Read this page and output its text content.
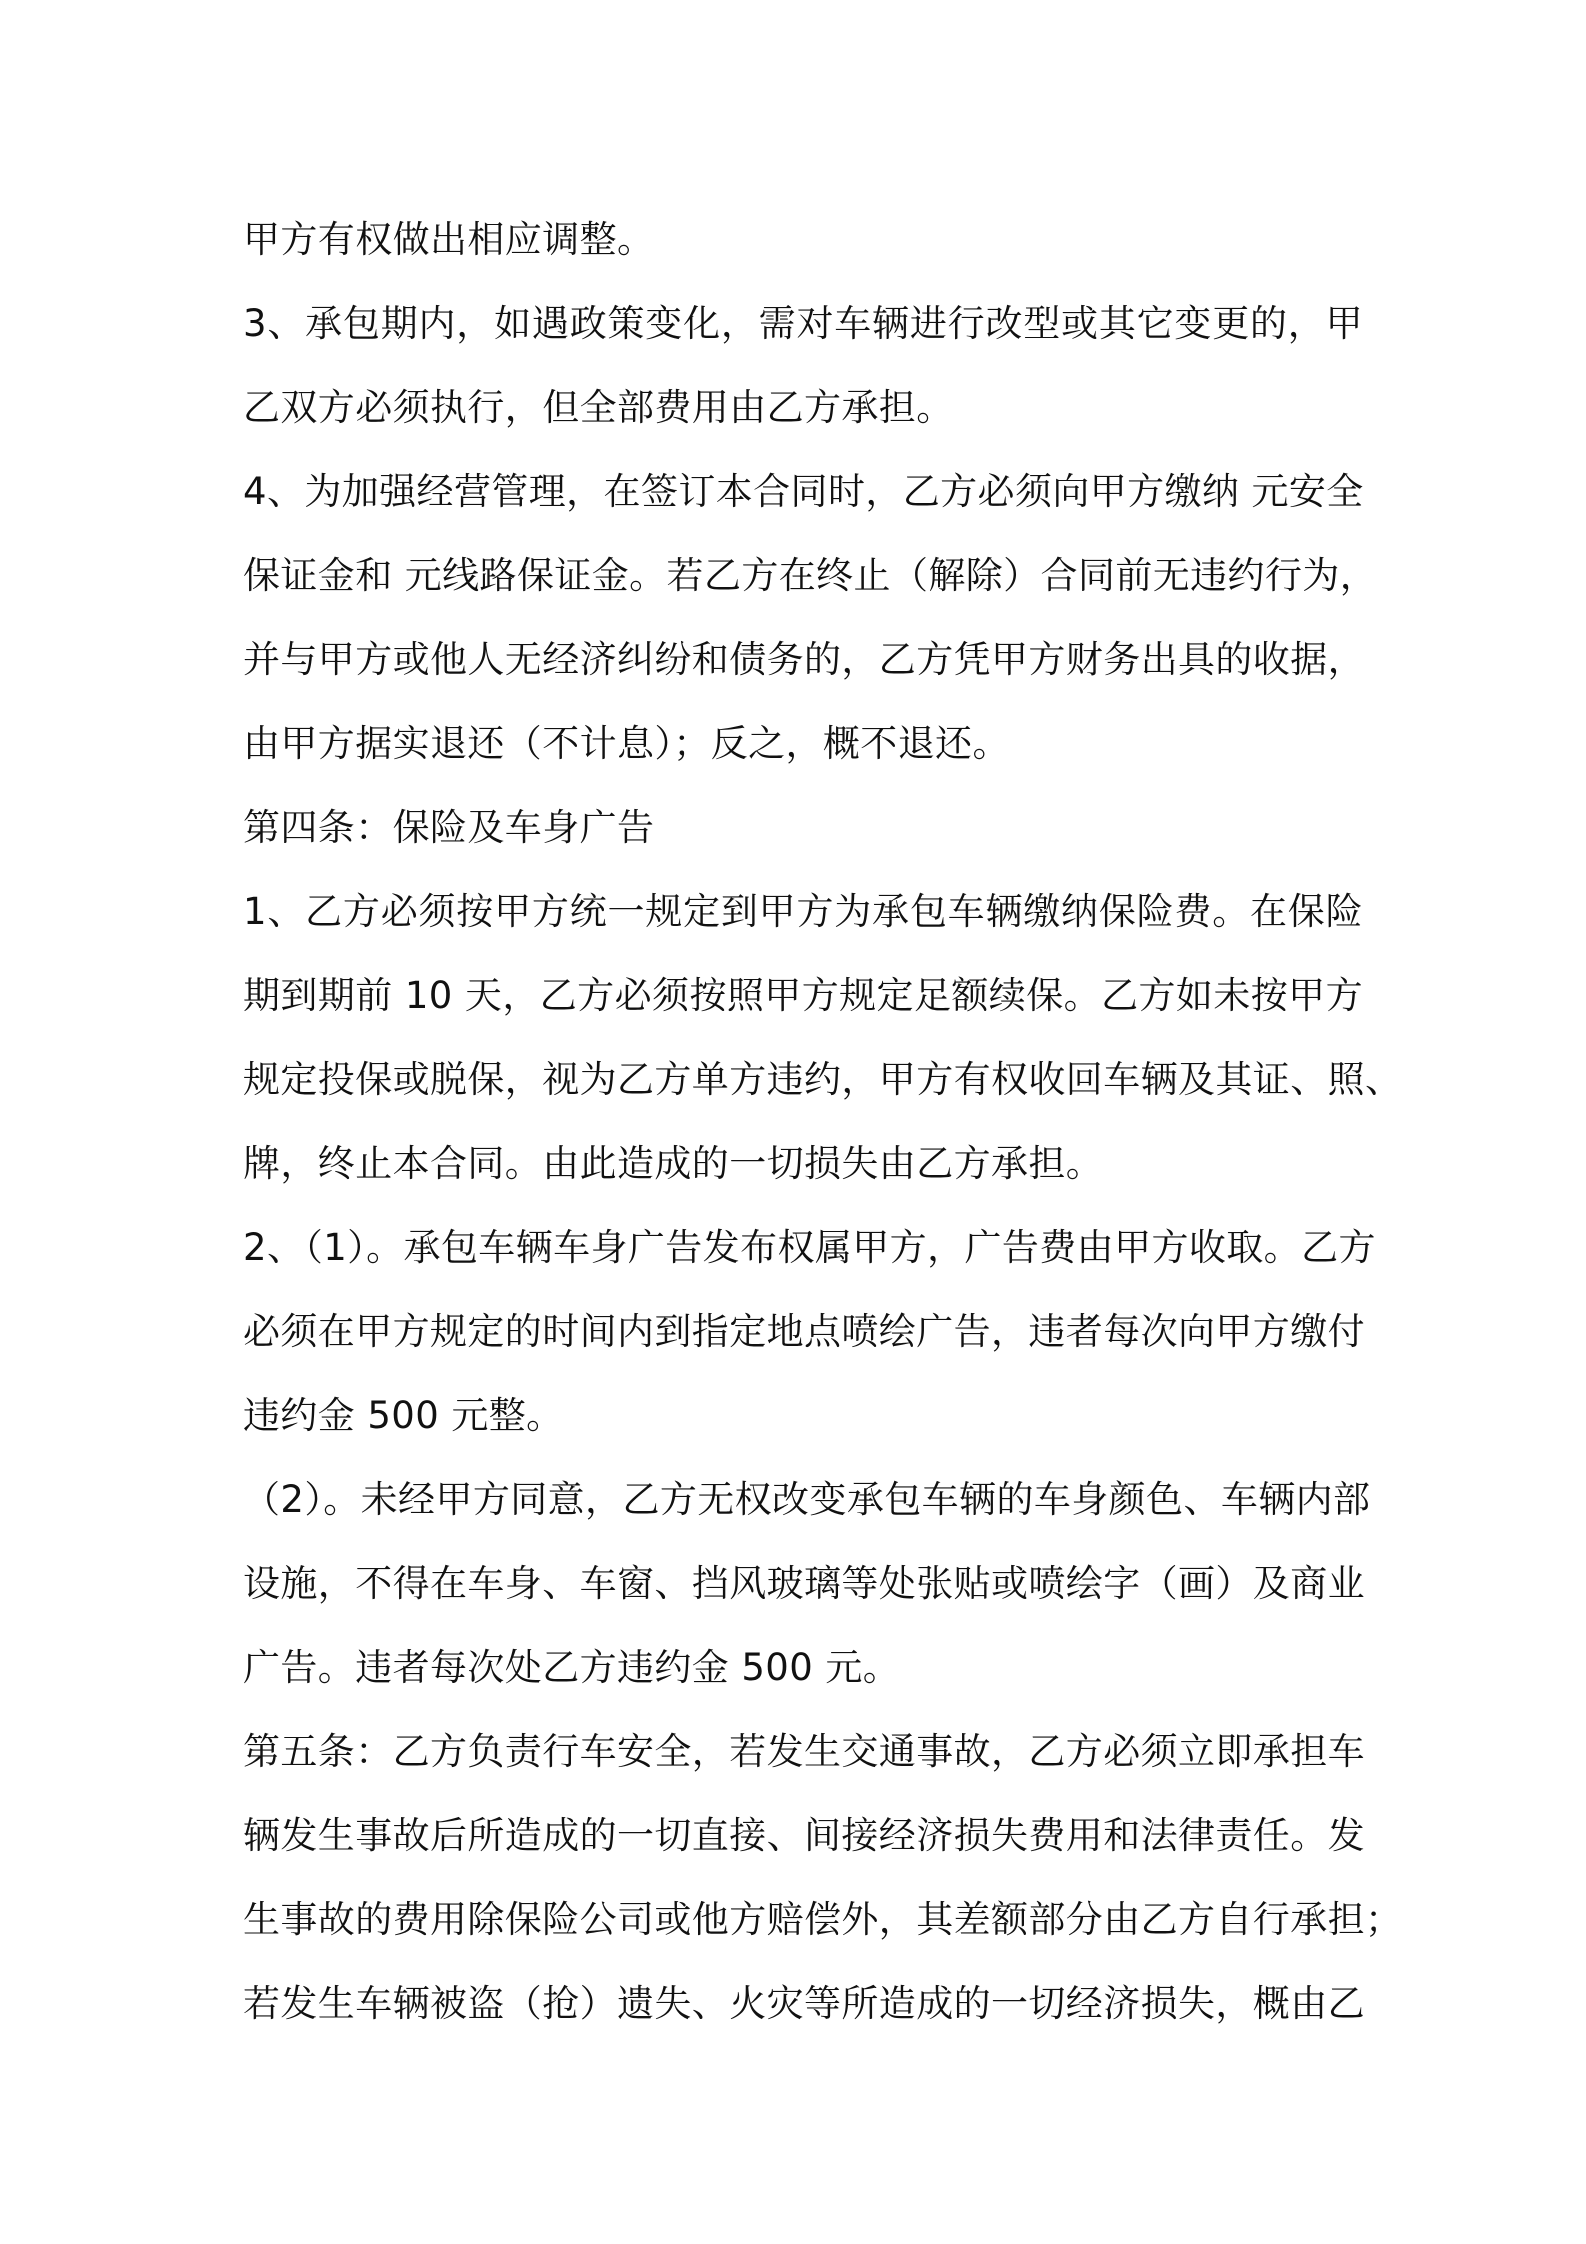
甲方有权做出相应调整。
3、承包期内，如遇政策变化，需对车辆进行改型或其它变更的，甲
乙双方必须执行，但全部费用由乙方承担。
4、为加强经营管理，在签订本合同时，乙方必须向甲方缴纳 元安全
保证金和 元线路保证金。若乙方在终止（解除）合同前无违约行为，
并与甲方或他人无经济纠纷和债务的，乙方凭甲方财务出具的收据，
由甲方据实退还（不计息）；反之，概不退还。
第四条：保险及车身广告
1、乙方必须按甲方统一规定到甲方为承包车辆缴纳保险费。在保险
期到期前 10 天，乙方必须按照甲方规定足额续保。乙方如未按甲方
规定投保或脱保，视为乙方单方违约，甲方有权收回车辆及其证、照、
牌，终止本合同。由此造成的一切损失由乙方承担。
2、（1）。承包车辆车身广告发布权属甲方，广告费由甲方收取。乙方
必须在甲方规定的时间内到指定地点喷绘广告，违者每次向甲方缴付
违约金 500 元整。
（2）。未经甲方同意，乙方无权改变承包车辆的车身颜色、车辆内部
设施，不得在车身、车窗、挡风玻璃等处张贴或喷绘字（画）及商业
广告。违者每次处乙方违约金 500 元。
第五条：乙方负责行车安全，若发生交通事故，乙方必须立即承担车
辆发生事故后所造成的一切直接、间接经济损失费用和法律责任。发
生事故的费用除保险公司或他方赔偿外，其差额部分由乙方自行承担；
若发生车辆被盗（抢）遗失、火灾等所造成的一切经济损失，概由乙
